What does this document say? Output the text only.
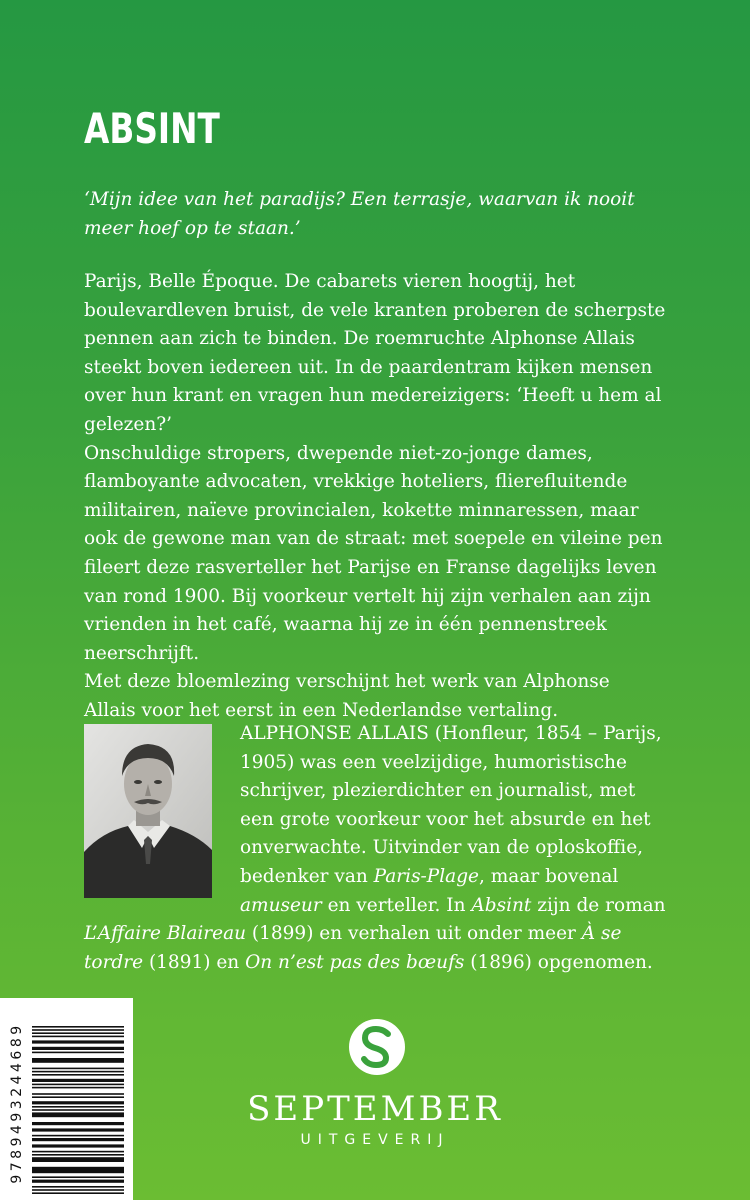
ABSINT
‘Mijn idee van het paradijs? Een terrasje, waarvan ik nooit
meer hoef op te staan.’
Parijs, Belle Époque. De cabarets vieren hoogtij, het
boulevardleven bruist, de vele kranten proberen de scherpste
pennen aan zich te binden. De roemruchte Alphonse Allais
steekt boven iedereen uit. In de paardentram kijken mensen
over hun krant en vragen hun medereizigers: ‘Heeft u hem al
gelezen?’
Onschuldige stropers, dwepende niet-zo-jonge dames,
flamboyante advocaten, vrekkige hoteliers, flierefluitende
militairen, naïeve provincialen, kokette minnaressen, maar
ook de gewone man van de straat: met soepele en vileine pen
fileert deze rasverteller het Parijse en Franse dagelijks leven
van rond 1900. Bij voorkeur vertelt hij zijn verhalen aan zijn
vrienden in het café, waarna hij ze in één pennenstreek
neerschrijft.
Met deze bloemlezing verschijnt het werk van Alphonse
Allais voor het eerst in een Nederlandse vertaling.
ALPHONSE ALLAIS (Honfleur, 1854 – Parijs,
1905) was een veelzijdige, humoristische
schrijver, plezierdichter en journalist, met
een grote voorkeur voor het absurde en het
onverwachte. Uitvinder van de oploskoffie,
bedenker van Paris-Plage, maar bovenal
amuseur en verteller. In Absint zijn de roman
L’Affaire Blaireau (1899) en verhalen uit onder meer À se
tordre (1891) en On n’est pas des bœufs (1896) opgenomen.
9789493244689	SEPTEMBER
UITGEVERIJ
